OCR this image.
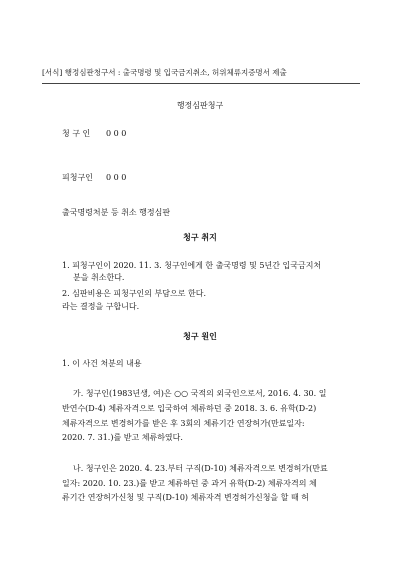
[서식] 행정심판청구서 : 출국명령 및 입국금지취소, 허위체류지증명서 제출
행정심판청구
청 구 인 0 0 0
피청구인 0 0 0
출국명령처분 등 취소 행정심판
청구 취지
1. 피청구인이 2020. 11. 3. 청구인에게 한 출국명령 및 5년간 입국금지처
분을 취소한다.
2. 심판비용은 피청구인의 부담으로 한다.
라는 결정을 구합니다.
청구 원인
1. 이 사건 처분의 내용
가. 청구인(1983년생, 여)은 ○○ 국적의 외국인으로서, 2016. 4. 30. 일
반연수(D-4) 체류자격으로 입국하여 체류하던 중 2018. 3. 6. 유학(D-2)
체류자격으로 변경허가를 받은 후 3회의 체류기간 연장허가(만료일자:
2020. 7. 31.)를 받고 체류하였다.
나. 청구인은 2020. 4. 23.부터 구직(D-10) 체류자격으로 변경허가(만료
일자: 2020. 10. 23.)를 받고 체류하던 중 과거 유학(D-2) 체류자격의 체
류기간 연장허가신청 및 구직(D-10) 체류자격 변경허가신청을 할 때 허
